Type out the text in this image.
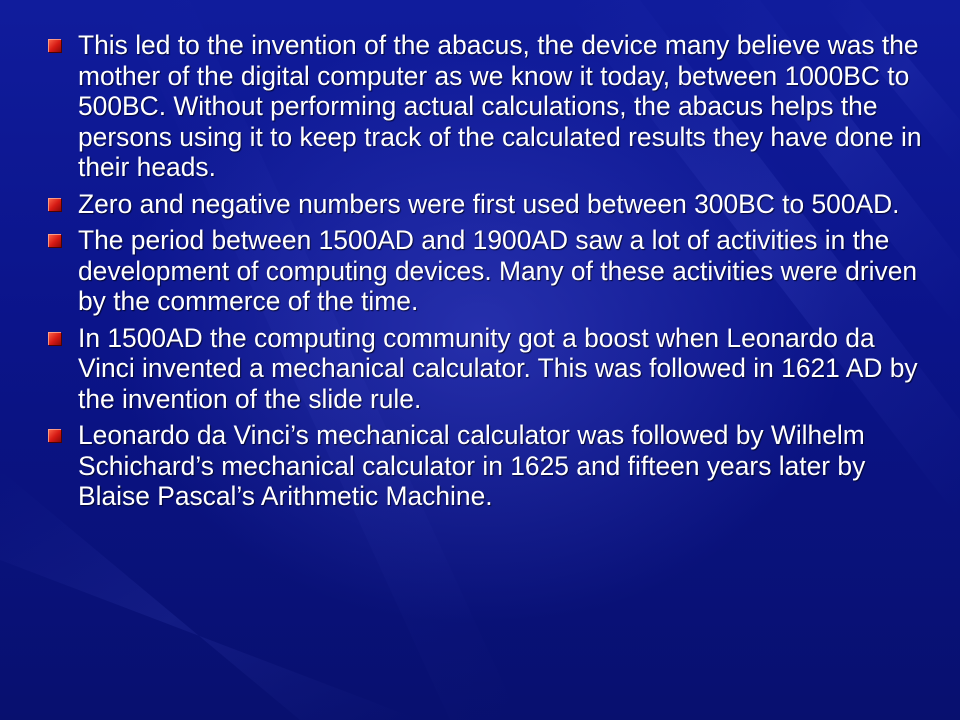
This led to the invention of the abacus, the device many believe was the mother of the digital computer as we know it today, between 1000BC to 500BC. Without performing actual calculations, the abacus helps the persons using it to keep track of the calculated results they have done in their heads.
Zero and negative numbers were first used between 300BC to 500AD.
The period between 1500AD and 1900AD saw a lot of activities in the development of computing devices. Many of these activities were driven by the commerce of the time.
In 1500AD the computing community got a boost when Leonardo da Vinci invented a mechanical calculator. This was followed in 1621 AD by the invention of the slide rule.
Leonardo da Vinci’s mechanical calculator was followed by Wilhelm Schichard’s mechanical calculator in 1625 and fifteen years later by Blaise Pascal’s Arithmetic Machine.
